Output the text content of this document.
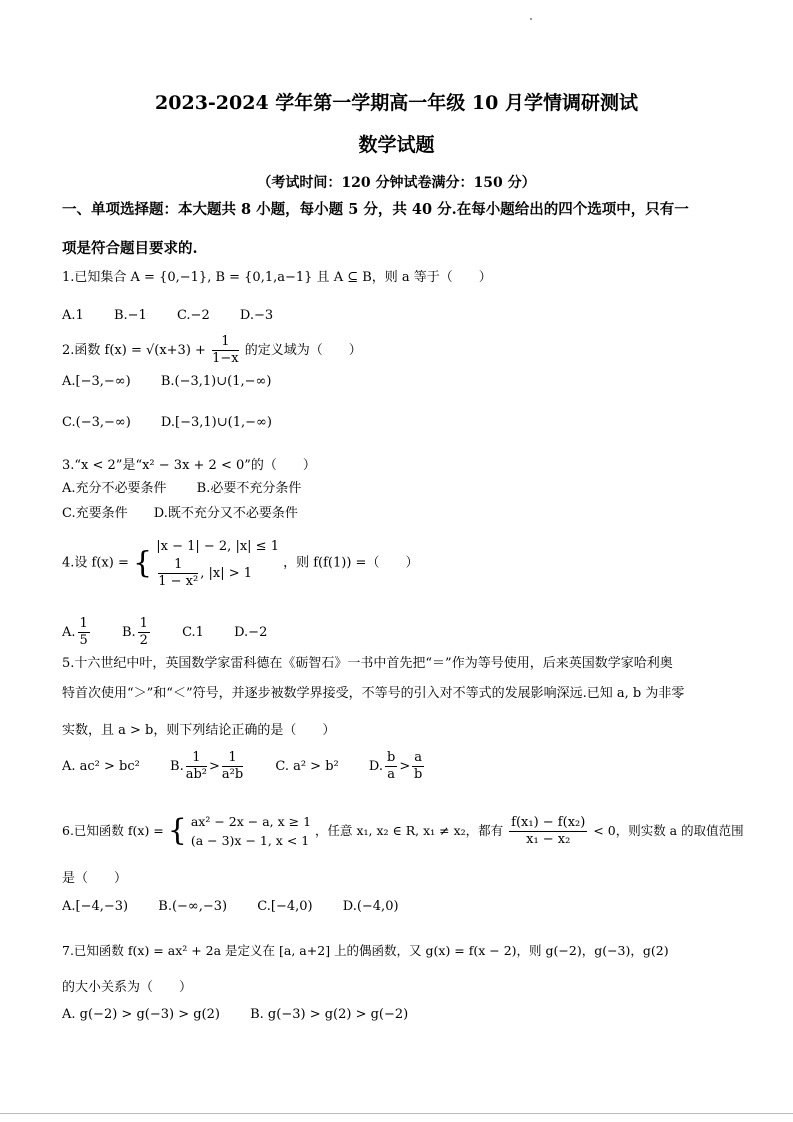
2023-2024 学年第一学期高一年级 10 月学情调研测试
数学试题
（考试时间：120 分钟试卷满分：150 分）
一、单项选择题：本大题共 8 小题，每小题 5 分，共 40 分.在每小题给出的四个选项中，只有一
项是符合题目要求的.
1.已知集合 A = {0,−1}, B = {0,1,a−1} 且 A ⊆ B，则 a 等于（　　）
A.1 B.−1 C.−2 D.−3
2.函数 $f(x) = √(x+3) + \frac{1}{1-x}$ 的定义域为（　　）
A.[−3,−∞) B.(−3,1)∪(1,−∞)
C.(−3,−∞) D.[−3,1)∪(1,−∞)
3.“x < 2”是“x² − 3x + 2 < 0”的（　　）
A.充分不必要条件 B.必要不充分条件
C.充要条件 D.既不充分又不必要条件
4.设 f(x) = { |x − 1| − 2, |x| ≤ 1
$\frac{1}{\text{1 − x²}}$ , |x| > 1
，则 f(f(1)) =（　　）
A. $\frac{1}{5} B$. $\frac{1}{2} C.1$ D.−2
5.十六世纪中叶，英国数学家雷科德在《砺智石》一书中首先把“＝”作为等号使用，后来英国数学家哈利奥
特首次使用“＞”和“＜”符号，并逐步被数学界接受，不等号的引入对不等式的发展影响深远.已知 a, b 为非零
实数，且 a > b，则下列结论正确的是（　　）
A. ac² > bc² B. $\frac{1}{\text{ab²}} > \frac{1}{\text{a²b}} C$. a² > b² D. $\frac{b}{a} > \frac{a}{b}$
6.已知函数 f(x) = { ax² − 2x − a, x ≥ 1
(a − 3)x − 1, x < 1
，任意 x₁, x₂ ∈ R, x₁ ≠ x₂，都有 $\frac{\text{f(x₁) − f(x₂)}}{\text{x₁ − x₂}} < 0$，则实数 a 的取值范围
是（　　）
A.[−4,−3) B.(−∞,−3) C.[−4,0) D.(−4,0)
7.已知函数 f(x) = ax² + 2a 是定义在 [a, a+2] 上的偶函数，又 g(x) = f(x − 2)，则 g(−2)，g(−3)，g(2)
的大小关系为（　　）
A. g(−2) > g(−3) > g(2) B. g(−3) > g(2) > g(−2)
